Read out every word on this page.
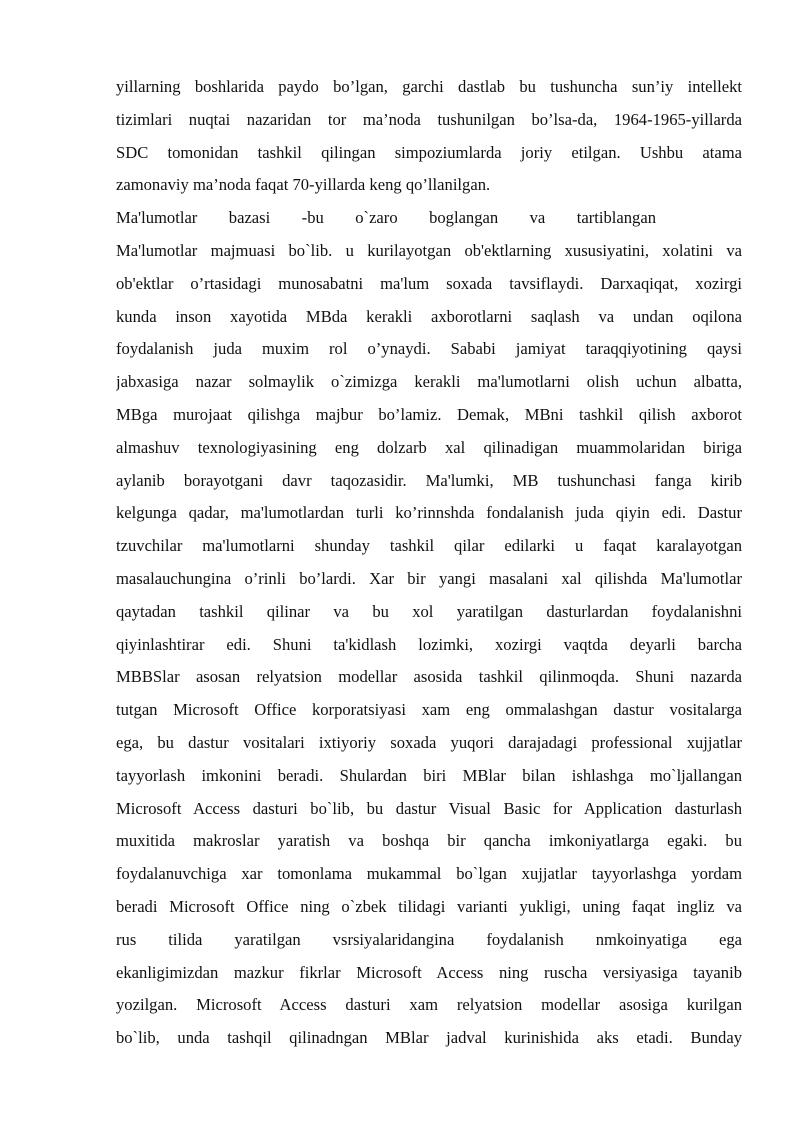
yillarning boshlarida paydo bo’lgan, garchi dastlab bu tushuncha sun’iy intellekt
tizimlari nuqtai nazaridan tor ma’noda tushunilgan bo’lsa-da, 1964-1965-yillarda
SDC tomonidan tashkil qilingan simpoziumlarda joriy etilgan. Ushbu atama
zamonaviy ma’noda faqat 70-yillarda keng qo’llanilgan.
Ma'lumotlar bazasi -bu o`zaro boglangan va tartiblangan
Ma'lumotlar majmuasi bo`lib. u kurilayotgan ob'ektlarning xususiyatini, xolatini va
ob'ektlar o’rtasidagi munosabatni ma'lum soxada tavsiflaydi. Darxaqiqat, xozirgi
kunda inson xayotida MBda kerakli axborotlarni saqlash va undan oqilona
foydalanish juda muxim rol o’ynaydi. Sababi jamiyat taraqqiyotining qaysi
jabxasiga nazar solmaylik o`zimizga kerakli ma'lumotlarni olish uchun albatta,
MBga murojaat qilishga majbur bo’lamiz. Demak, MBni tashkil qilish axborot
almashuv texnologiyasining eng dolzarb xal qilinadigan muammolaridan biriga
aylanib borayotgani davr taqozasidir. Ma'lumki, MB tushunchasi fanga kirib
kelgunga qadar, ma'lumotlardan turli ko’rinnshda fondalanish juda qiyin edi. Dastur
tzuvchilar ma'lumotlarni shunday tashkil qilar edilarki u faqat karalayotgan
masalauchungina o’rinli bo’lardi. Xar bir yangi masalani xal qilishda Ma'lumotlar
qaytadan tashkil qilinar va bu xol yaratilgan dasturlardan foydalanishni
qiyinlashtirar edi. Shuni ta'kidlash lozimki, xozirgi vaqtda deyarli barcha
MBBSlar asosan relyatsion modellar asosida tashkil qilinmoqda. Shuni nazarda
tutgan Microsoft Office korporatsiyasi xam eng ommalashgan dastur vositalarga
ega, bu dastur vositalari ixtiyoriy soxada yuqori darajadagi professional xujjatlar
tayyorlash imkonini beradi. Shulardan biri MBlar bilan ishlashga mo`ljallangan
Microsoft Access dasturi bo`lib, bu dastur Visual Basic for Application dasturlash
muxitida makroslar yaratish va boshqa bir qancha imkoniyatlarga egaki. bu
foydalanuvchiga xar tomonlama mukammal bo`lgan xujjatlar tayyorlashga yordam
beradi Microsoft Office ning o`zbek tilidagi varianti yukligi, uning faqat ingliz va
rus tilida yaratilgan vsrsiyalaridangina foydalanish nmkoinyatiga ega
ekanligimizdan mazkur fikrlar Microsoft Access ning ruscha versiyasiga tayanib
yozilgan. Microsoft Access dasturi xam relyatsion modellar asosiga kurilgan
bo`lib, unda tashqil qilinadngan MBlar jadval kurinishida aks etadi. Bunday
